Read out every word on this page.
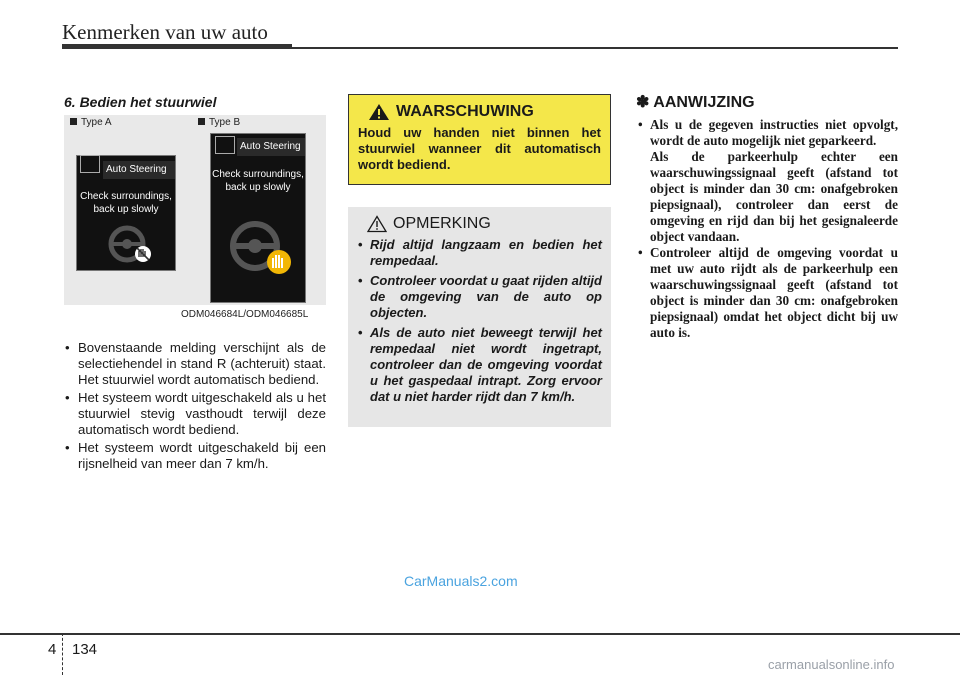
Kenmerken van uw auto
6. Bedien het stuurwiel
Type A	Type B
Auto Steering
Check surroundings,
back up slowly
Auto Steering
Check surroundings,
back up slowly
ODM046684L/ODM046685L
• Bovenstaande melding verschijnt als de selectiehendel in stand R (achteruit) staat. Het stuurwiel wordt automatisch bediend.
• Het systeem wordt uitgeschakeld als u het stuurwiel stevig vasthoudt terwijl deze automatisch wordt bediend.
• Het systeem wordt uitgeschakeld bij een rijsnelheid van meer dan 7 km/h.
WAARSCHUWING
Houd uw handen niet binnen het stuurwiel wanneer dit automatisch wordt bediend.
OPMERKING
• Rijd altijd langzaam en bedien het rempedaal.
• Controleer voordat u gaat rijden altijd de omgeving van de auto op objecten.
• Als de auto niet beweegt terwijl het rempedaal niet wordt ingetrapt, controleer dan de omgeving voordat u het gaspedaal intrapt. Zorg ervoor dat u niet harder rijdt dan 7 km/h.
✽ AANWIJZING

• Als u de gegeven instructies niet opvolgt, wordt de auto mogelijk niet geparkeerd.

Als de parkeerhulp echter een waarschuwingssignaal geeft (afstand tot object is minder dan 30 cm: onafgebroken piepsignaal), controleer dan eerst de omgeving en rijd dan bij het gesignaleerde object vandaan.

• Controleer altijd de omgeving voordat u met uw auto rijdt als de parkeerhulp een waarschuwingssignaal geeft (afstand tot object is minder dan 30 cm: onafgebroken piepsignaal) omdat het object dicht bij uw auto is.
CarManuals2.com
4 134
carmanualsonline.info
